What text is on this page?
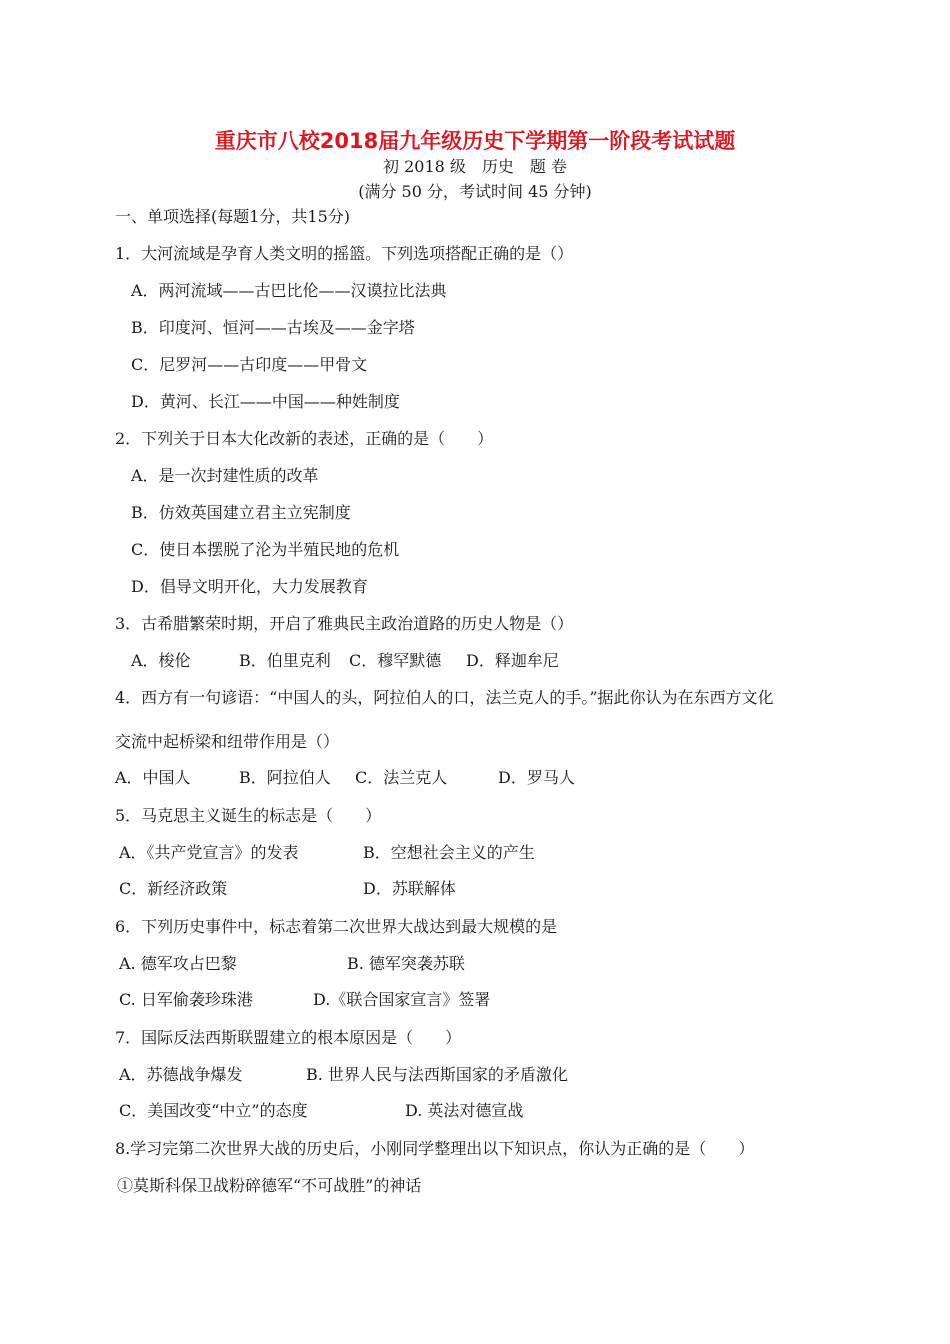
重庆市八校2018届九年级历史下学期第一阶段考试试题
初 2018 级　历史　题 卷
(满分 50 分，考试时间 45 分钟)
一、单项选择(每题1分，共15分)
1．大河流域是孕育人类文明的摇篮。下列选项搭配正确的是（）
A．两河流域——古巴比伦——汉谟拉比法典
B．印度河、恒河——古埃及——金字塔
C．尼罗河——古印度——甲骨文
D．黄河、长江——中国——种姓制度
2．下列关于日本大化改新的表述，正确的是（　　）
A．是一次封建性质的改革
B．仿效英国建立君主立宪制度
C．使日本摆脱了沦为半殖民地的危机
D．倡导文明开化，大力发展教育
3．古希腊繁荣时期，开启了雅典民主政治道路的历史人物是（）
A．梭伦	B．伯里克利 C．穆罕默德 D．释迦牟尼
4．西方有一句谚语：“中国人的头，阿拉伯人的口，法兰克人的手。”据此你认为在东西方文化
交流中起桥梁和纽带作用是（）
A．中国人	B．阿拉伯人 C．法兰克人	D．罗马人
5．马克思主义诞生的标志是（　　）
A．《共产党宣言》的发表	B．空想社会主义的产生
C．新经济政策	D．苏联解体
6．下列历史事件中，标志着第二次世界大战达到最大规模的是
A. 德军攻占巴黎	B. 德军突袭苏联
C. 日军偷袭珍珠港	D.《联合国家宣言》签署
7．国际反法西斯联盟建立的根本原因是（　　）
A．苏德战争爆发	B. 世界人民与法西斯国家的矛盾激化
C．美国改变“中立”的态度	D. 英法对德宣战
8.学习完第二次世界大战的历史后，小刚同学整理出以下知识点，你认为正确的是（　　）
①莫斯科保卫战粉碎德军“不可战胜”的神话
